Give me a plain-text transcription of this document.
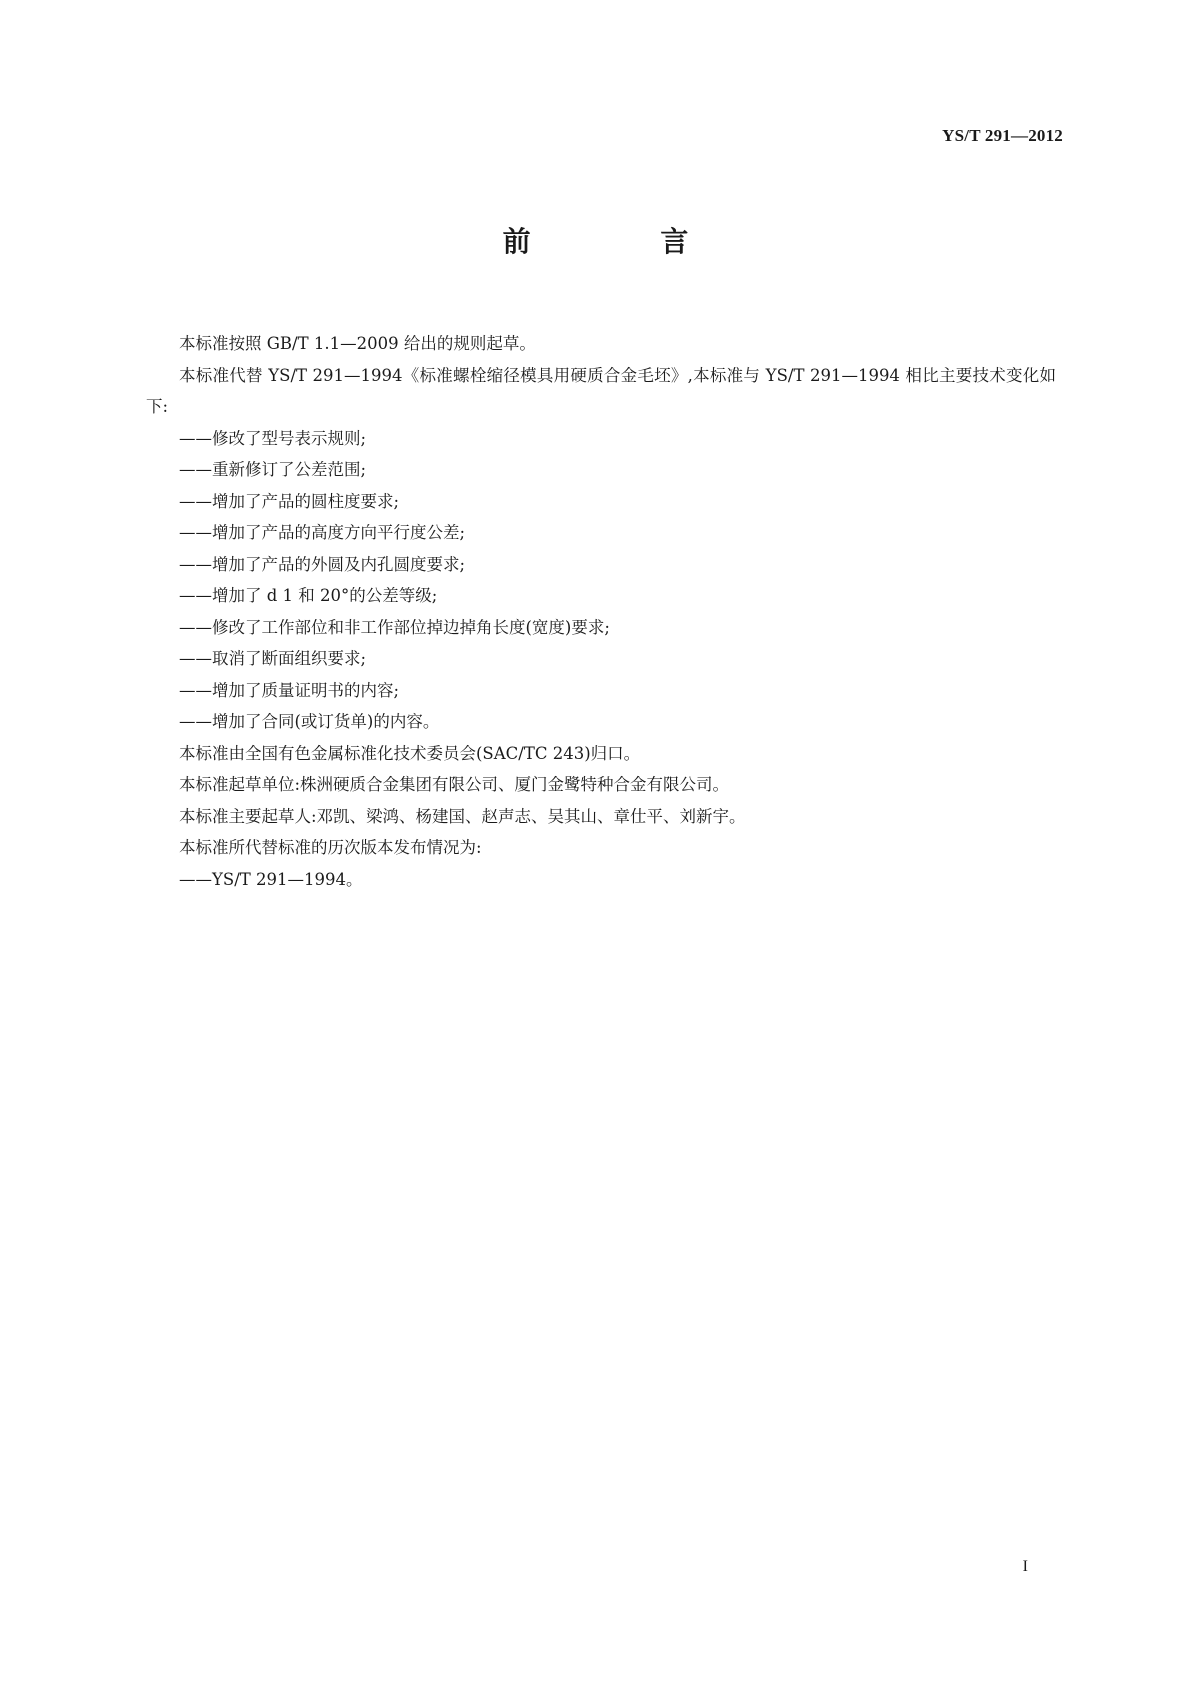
YS/T 291—2012
前 言

本标准按照 GB/T 1.1—2009 给出的规则起草。

本标准代替 YS/T 291—1994《标准螺栓缩径模具用硬质合金毛坯》,本标准与 YS/T 291—1994 相比主要技术变化如下:

——修改了型号表示规则;

——重新修订了公差范围;

——增加了产品的圆柱度要求;

——增加了产品的高度方向平行度公差;

——增加了产品的外圆及内孔圆度要求;

——增加了 d 1 和 20°的公差等级;

——修改了工作部位和非工作部位掉边掉角长度(宽度)要求;

——取消了断面组织要求;

——增加了质量证明书的内容;

——增加了合同(或订货单)的内容。

本标准由全国有色金属标准化技术委员会(SAC/TC 243)归口。

本标准起草单位:株洲硬质合金集团有限公司、厦门金鹭特种合金有限公司。

本标准主要起草人:邓凯、梁鸿、杨建国、赵声志、吴其山、章仕平、刘新宇。

本标准所代替标准的历次版本发布情况为:

——YS/T 291—1994。

I
